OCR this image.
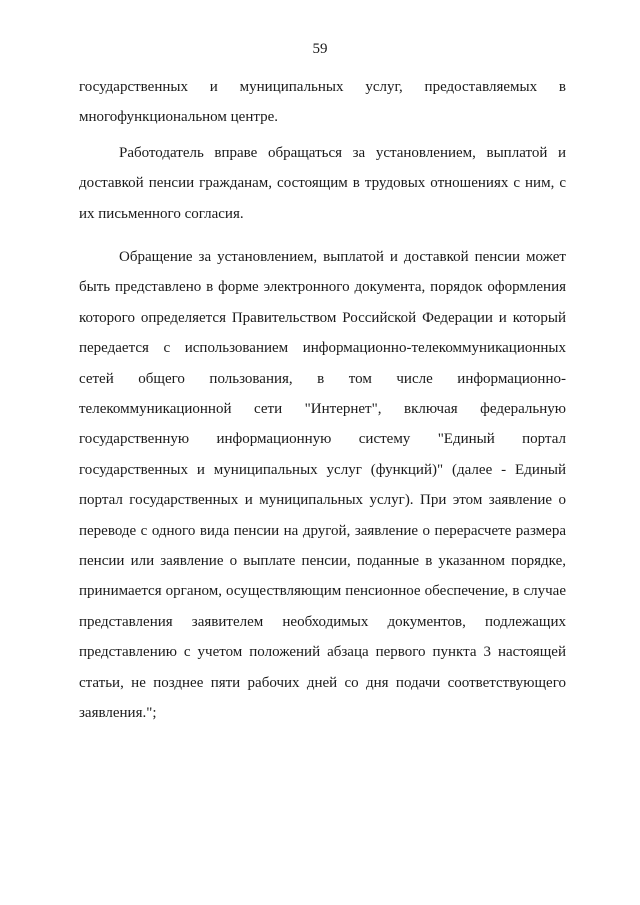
59

государственных и муниципальных услуг, предоставляемых в многофункциональном центре.

Работодатель вправе обращаться за установлением, выплатой и доставкой пенсии гражданам, состоящим в трудовых отношениях с ним, с их письменного согласия.

Обращение за установлением, выплатой и доставкой пенсии может быть представлено в форме электронного документа, порядок оформления которого определяется Правительством Российской Федерации и который передается с использованием информационно-телекоммуникационных сетей общего пользования, в том числе информационно-телекоммуникационной сети "Интернет", включая федеральную государственную информационную систему "Единый портал государственных и муниципальных услуг (функций)" (далее - Единый портал государственных и муниципальных услуг). При этом заявление о переводе с одного вида пенсии на другой, заявление о перерасчете размера пенсии или заявление о выплате пенсии, поданные в указанном порядке, принимается органом, осуществляющим пенсионное обеспечение, в случае представления заявителем необходимых документов, подлежащих представлению с учетом положений абзаца первого пункта 3 настоящей статьи, не позднее пяти рабочих дней со дня подачи соответствующего заявления.";
